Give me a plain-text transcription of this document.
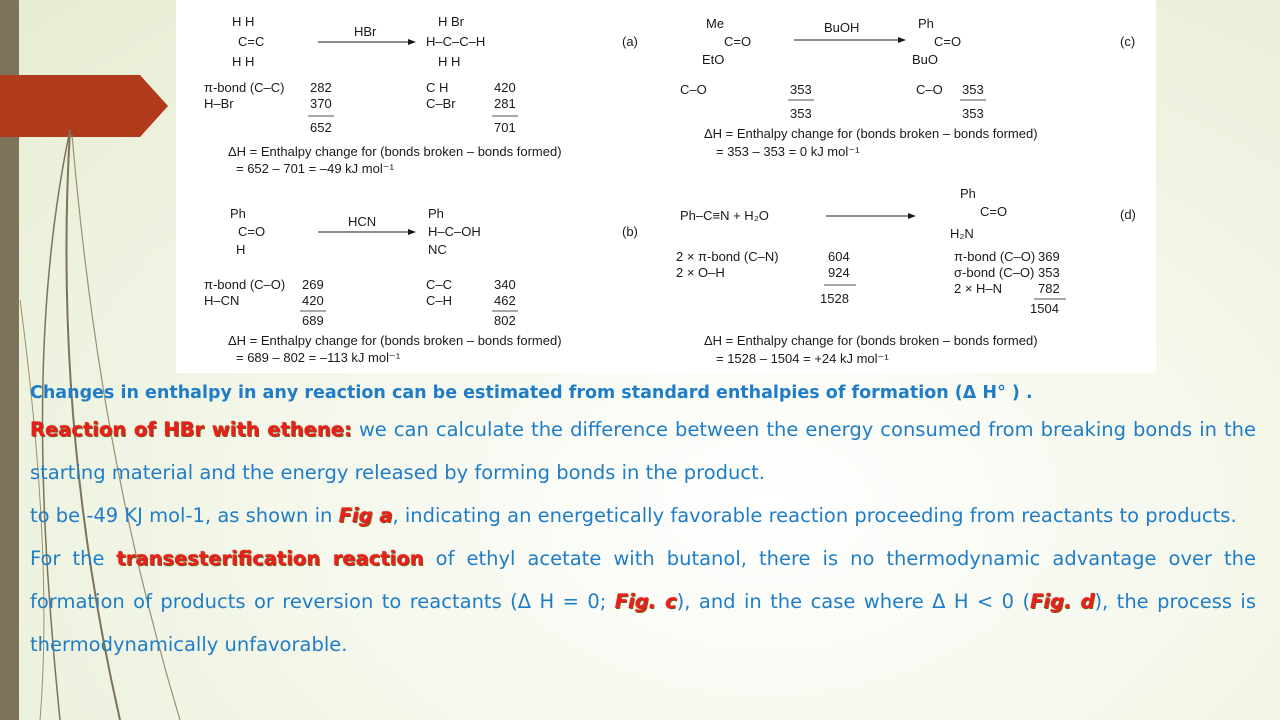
H H
C=C
H H
HBr
H Br
H–C–C–H
H H
(a)
π-bond (C–C)
H–Br
282
370
652
C H
C–Br
420
281
701
ΔH = Enthalpy change for (bonds broken – bonds formed)
= 652 – 701 = –49 kJ mol⁻¹
Ph
C=O
H
HCN
Ph
H–C–OH
NC
(b)
π-bond (C–O)
H–CN
269
420
689
C–C
C–H
340
462
802
ΔH = Enthalpy change for (bonds broken – bonds formed)
= 689 – 802 = –113 kJ mol⁻¹
Me
C=O
EtO
BuOH	Ph
C=O
BuO
(c)
C–O	353
353
C–O 353
353
ΔH = Enthalpy change for (bonds broken – bonds formed)
= 353 – 353 = 0 kJ mol⁻¹
Ph–C≡N + H₂O
Ph
C=O
H₂N
(d)
2 × π-bond (C–N)
2 × O–H
604
924
1528
π-bond (C–O)
σ-bond (C–O)
2 × H–N
369
353
782
1504
ΔH = Enthalpy change for (bonds broken – bonds formed)
= 1528 – 1504 = +24 kJ mol⁻¹

Changes in enthalpy in any reaction can be estimated from standard enthalpies of formation (Δ H° ) .

Reaction of HBr with ethene: we can calculate the difference between the energy consumed from breaking bonds in the starting material and the energy released by forming bonds in the product.

to be -49 KJ mol-1, as shown in Fig a, indicating an energetically favorable reaction proceeding from reactants to products.

For the transesterification reaction of ethyl acetate with butanol, there is no thermodynamic advantage over the formation of products or reversion to reactants (Δ H = 0; Fig. c), and in the case where Δ H < 0 (Fig. d), the process is thermodynamically unfavorable.
